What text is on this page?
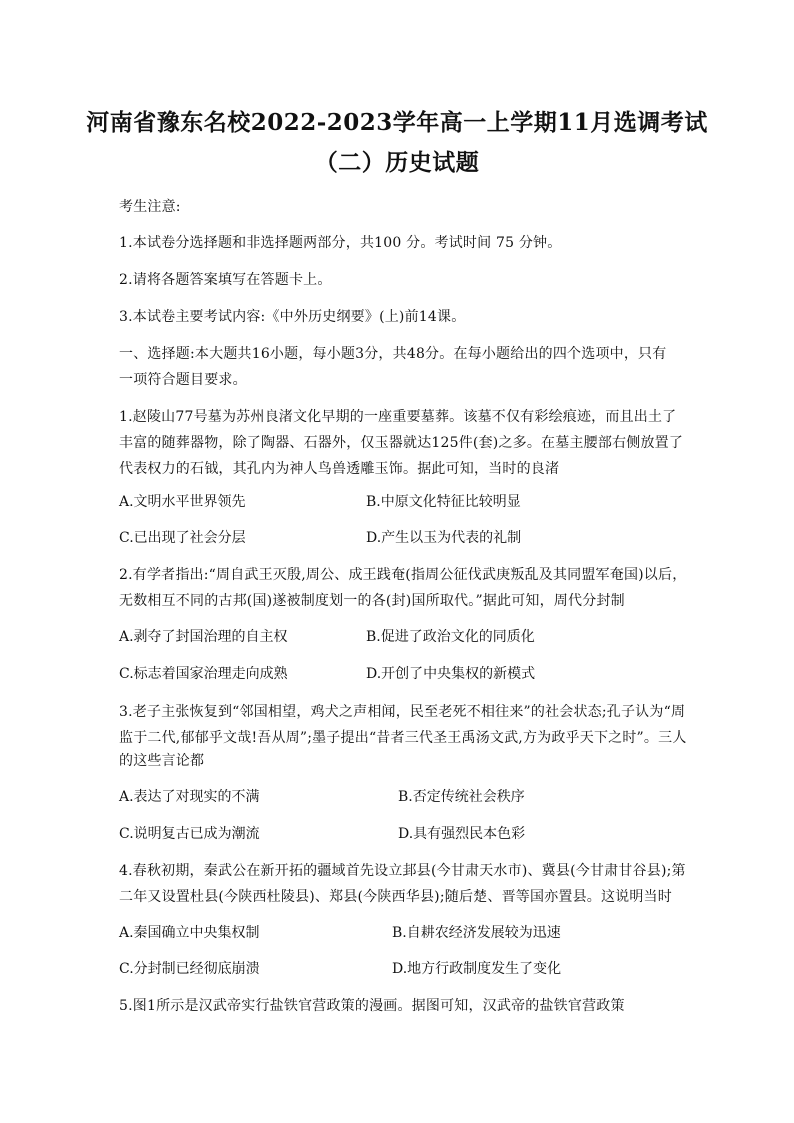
河南省豫东名校2022-2023学年高一上学期11月选调考试
（二）历史试题
考生注意:
1.本试卷分选择题和非选择题两部分，共100 分。考试时间 75 分钟。
2.请将各题答案填写在答题卡上。
3.本试卷主要考试内容:《中外历史纲要》(上)前14课。
一、选择题:本大题共16小题，每小题3分，共48分。在每小题给出的四个选项中，只有
一项符合题目要求。
1.赵陵山77号墓为苏州良渚文化早期的一座重要墓葬。该墓不仅有彩绘痕迹，而且出土了
丰富的随葬器物，除了陶器、石器外，仅玉器就达125件(套)之多。在墓主腰部右侧放置了
代表权力的石钺，其孔内为神人鸟兽透雕玉饰。据此可知，当时的良渚
A.文明水平世界领先	B.中原文化特征比较明显
C.已出现了社会分层	D.产生以玉为代表的礼制
2.有学者指出:“周自武王灭殷,周公、成王践奄(指周公征伐武庚叛乱及其同盟军奄国)以后，
无数相互不同的古邦(国)遂被制度划一的各(封)国所取代。”据此可知，周代分封制
A.剥夺了封国治理的自主权	B.促进了政治文化的同质化
C.标志着国家治理走向成熟	D.开创了中央集权的新模式
3.老子主张恢复到“邻国相望，鸡犬之声相闻，民至老死不相往来”的社会状态;孔子认为“周
监于二代,郁郁乎文哉!吾从周”;墨子提出“昔者三代圣王禹汤文武,方为政乎天下之时”。三人
的这些言论都
A.表达了对现实的不满	B.否定传统社会秩序
C.说明复古已成为潮流	D.具有强烈民本色彩
4.春秋初期，秦武公在新开拓的疆域首先设立邽县(今甘肃天水市)、冀县(今甘肃甘谷县);第
二年又设置杜县(今陕西杜陵县)、郑县(今陕西华县);随后楚、晋等国亦置县。这说明当时
A.秦国确立中央集权制	B.自耕农经济发展较为迅速
C.分封制已经彻底崩溃	D.地方行政制度发生了变化
5.图1所示是汉武帝实行盐铁官营政策的漫画。据图可知，汉武帝的盐铁官营政策
